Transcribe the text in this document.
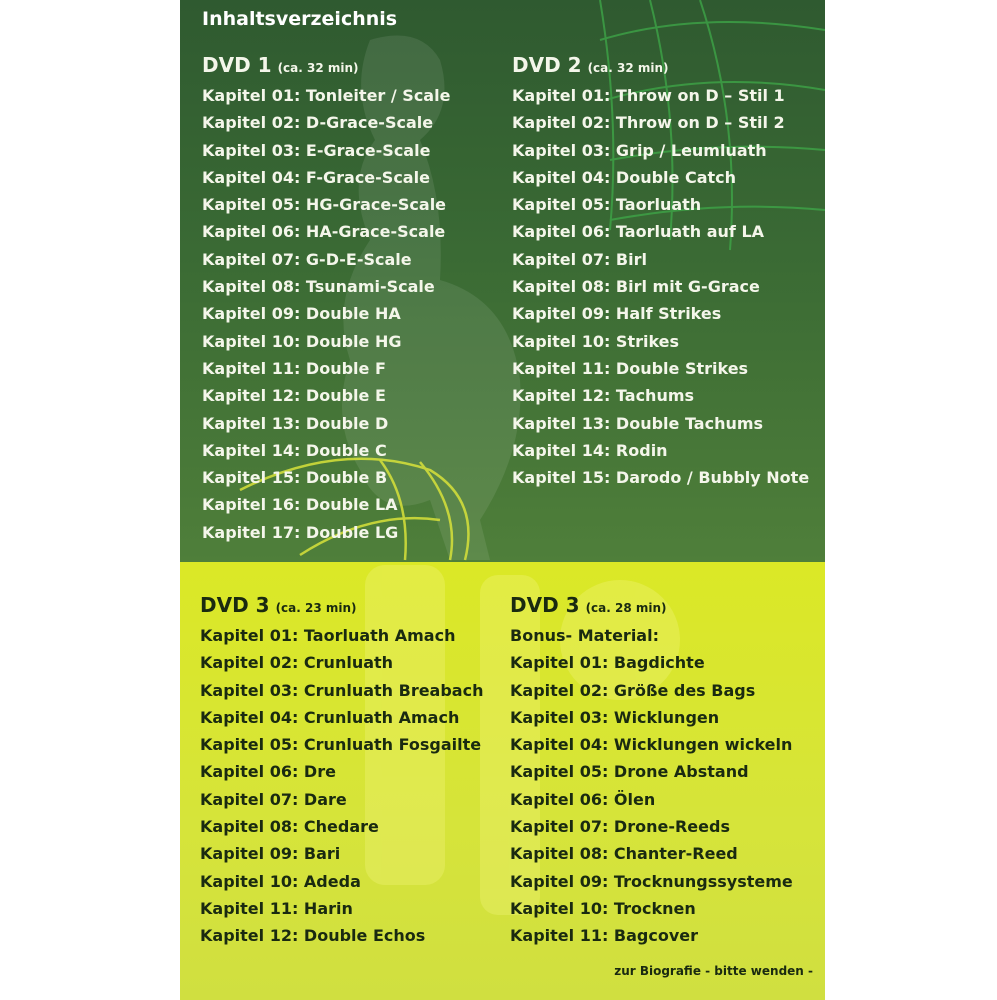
Inhaltsverzeichnis
DVD 1 (ca. 32 min)
Kapitel 01: Tonleiter / Scale
Kapitel 02: D-Grace-Scale
Kapitel 03: E-Grace-Scale
Kapitel 04: F-Grace-Scale
Kapitel 05: HG-Grace-Scale
Kapitel 06: HA-Grace-Scale
Kapitel 07: G-D-E-Scale
Kapitel 08: Tsunami-Scale
Kapitel 09: Double HA
Kapitel 10: Double HG
Kapitel 11: Double F
Kapitel 12: Double E
Kapitel 13: Double D
Kapitel 14: Double C
Kapitel 15: Double B
Kapitel 16: Double LA
Kapitel 17: Double LG
DVD 2 (ca. 32 min)
Kapitel 01: Throw on D – Stil 1
Kapitel 02: Throw on D – Stil 2
Kapitel 03: Grip / Leumluath
Kapitel 04: Double Catch
Kapitel 05: Taorluath
Kapitel 06: Taorluath auf LA
Kapitel 07: Birl
Kapitel 08: Birl mit G-Grace
Kapitel 09: Half Strikes
Kapitel 10: Strikes
Kapitel 11: Double Strikes
Kapitel 12: Tachums
Kapitel 13: Double Tachums
Kapitel 14: Rodin
Kapitel 15: Darodo / Bubbly Note
DVD 3 (ca. 23 min)
Kapitel 01: Taorluath Amach
Kapitel 02: Crunluath
Kapitel 03: Crunluath Breabach
Kapitel 04: Crunluath Amach
Kapitel 05: Crunluath Fosgailte
Kapitel 06: Dre
Kapitel 07: Dare
Kapitel 08: Chedare
Kapitel 09: Bari
Kapitel 10: Adeda
Kapitel 11: Harin
Kapitel 12: Double Echos
DVD 3 (ca. 28 min)
Bonus- Material:
Kapitel 01: Bagdichte
Kapitel 02: Größe des Bags
Kapitel 03: Wicklungen
Kapitel 04: Wicklungen wickeln
Kapitel 05: Drone Abstand
Kapitel 06: Ölen
Kapitel 07: Drone-Reeds
Kapitel 08: Chanter-Reed
Kapitel 09: Trocknungssysteme
Kapitel 10: Trocknen
Kapitel 11: Bagcover
zur Biografie - bitte wenden -
